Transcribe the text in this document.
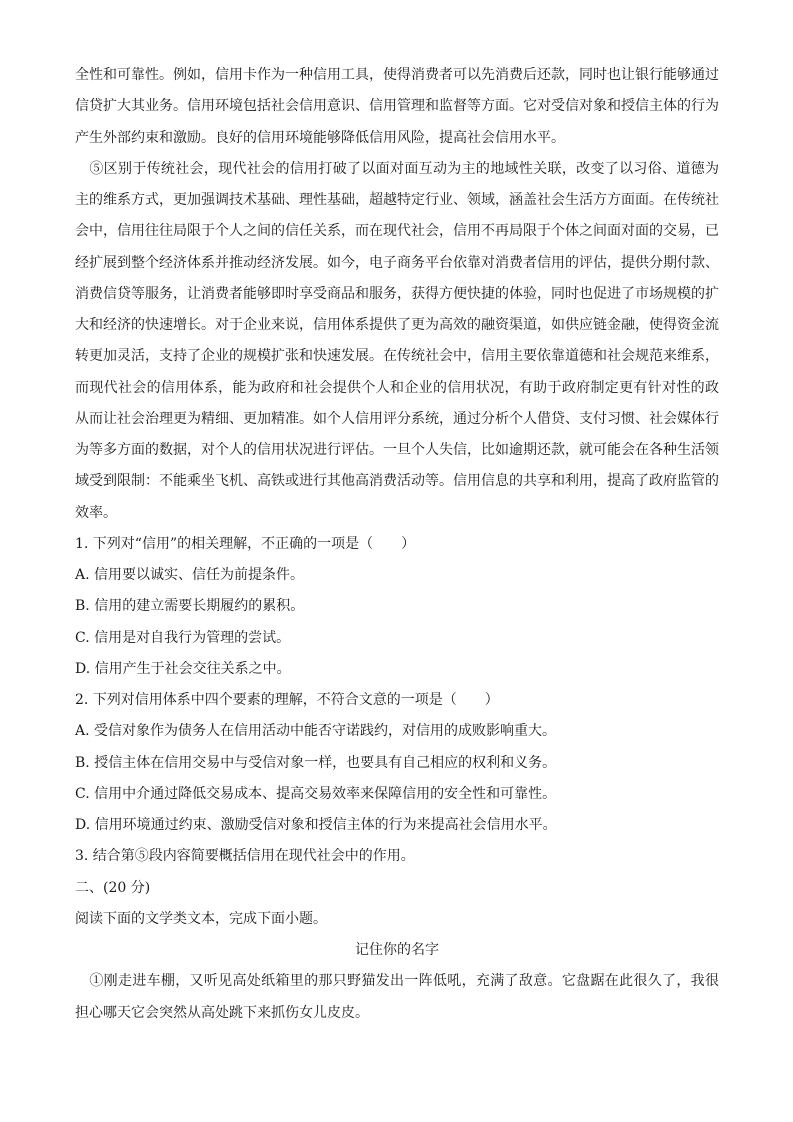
全性和可靠性。例如，信用卡作为一种信用工具，使得消费者可以先消费后还款，同时也让银行能够通过
信贷扩大其业务。信用环境包括社会信用意识、信用管理和监督等方面。它对受信对象和授信主体的行为
产生外部约束和激励。良好的信用环境能够降低信用风险，提高社会信用水平。
　⑤区别于传统社会，现代社会的信用打破了以面对面互动为主的地域性关联，改变了以习俗、道德为
主的维系方式，更加强调技术基础、理性基础，超越特定行业、领域，涵盖社会生活方方面面。在传统社
会中，信用往往局限于个人之间的信任关系，而在现代社会，信用不再局限于个体之间面对面的交易，已
经扩展到整个经济体系并推动经济发展。如今，电子商务平台依靠对消费者信用的评估，提供分期付款、
消费信贷等服务，让消费者能够即时享受商品和服务，获得方便快捷的体验，同时也促进了市场规模的扩
大和经济的快速增长。对于企业来说，信用体系提供了更为高效的融资渠道，如供应链金融，使得资金流
转更加灵活，支持了企业的规模扩张和快速发展。在传统社会中，信用主要依靠道德和社会规范来维系，
而现代社会的信用体系，能为政府和社会提供个人和企业的信用状况，有助于政府制定更有针对性的政
从而让社会治理更为精细、更加精准。如个人信用评分系统，通过分析个人借贷、支付习惯、社会媒体行
为等多方面的数据，对个人的信用状况进行评估。一旦个人失信，比如逾期还款，就可能会在各种生活领
域受到限制：不能乘坐飞机、高铁或进行其他高消费活动等。信用信息的共享和利用，提高了政府监管的
效率。
1. 下列对“信用”的相关理解，不正确的一项是（　　）
A. 信用要以诚实、信任为前提条件。
B. 信用的建立需要长期履约的累积。
C. 信用是对自我行为管理的尝试。
D. 信用产生于社会交往关系之中。
2. 下列对信用体系中四个要素的理解，不符合文意的一项是（　　）
A. 受信对象作为债务人在信用活动中能否守诺践约，对信用的成败影响重大。
B. 授信主体在信用交易中与受信对象一样，也要具有自己相应的权利和义务。
C. 信用中介通过降低交易成本、提高交易效率来保障信用的安全性和可靠性。
D. 信用环境通过约束、激励受信对象和授信主体的行为来提高社会信用水平。
3. 结合第⑤段内容简要概括信用在现代社会中的作用。
二、(20 分)
阅读下面的文学类文本，完成下面小题。
记住你的名字
　①刚走进车棚，又听见高处纸箱里的那只野猫发出一阵低吼，充满了敌意。它盘踞在此很久了，我很
担心哪天它会突然从高处跳下来抓伤女儿皮皮。
